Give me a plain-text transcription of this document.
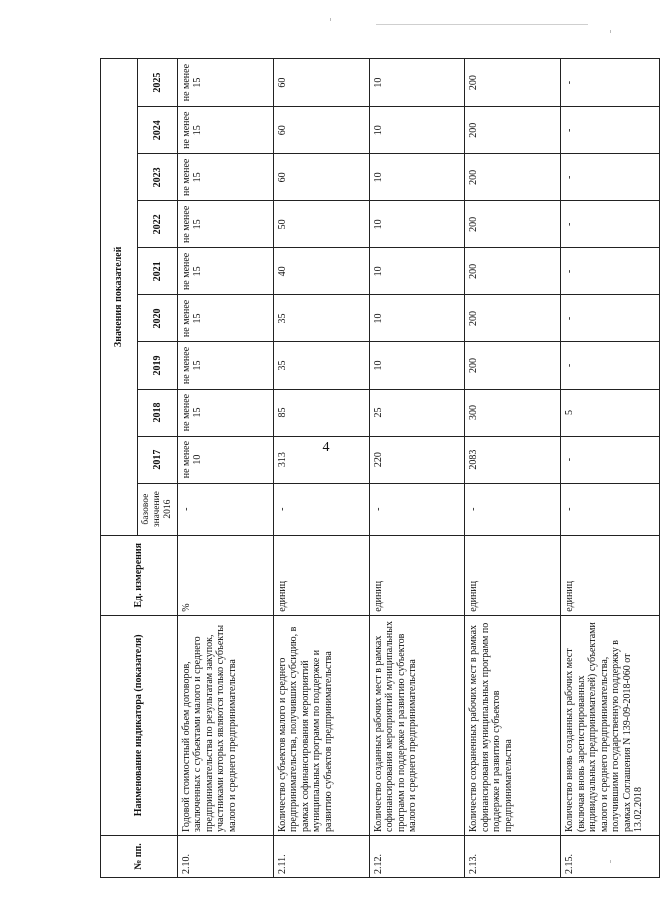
4
№ пп.	Наименование индикатора (показателя)	Ед. измерения	Значения показателей									
			базовое значение 2016	2017	2018	2019	2020	2021	2022	2023	2024	2025
2.10.	Годовой стоимостный объем договоров, заключенных с субъектами малого и среднего предпринимательства по результатам закупок, участниками которых являются только субъекты малого и среднего предпринимательства	%	-	не менее 10	не менее 15	не менее 15	не менее 15	не менее 15	не менее 15	не менее 15	не менее 15	не менее 15
2.11.	Количество субъектов малого и среднего предпринимательства, получивших субсидию, в рамках софинансирования мероприятий муниципальных программ по поддержке и развитию субъектов предпринимательства	единиц	-	313	85	35	35	40	50	60	60	60
2.12.	Количество созданных рабочих мест в рамках софинансирования мероприятий муниципальных программ по поддержке и развитию субъектов малого и среднего предпринимательства	единиц	-	220	25	10	10	10	10	10	10	10
2.13.	Количество сохраненных рабочих мест в рамках софинансирования муниципальных программ по поддержке и развитию субъектов предпринимательства	единиц	-	2083	300	200	200	200	200	200	200	200
2.15.	Количество вновь созданных рабочих мест (включая вновь зарегистрированных индивидуальных предпринимателей) субъектами малого и среднего предпринимательства, получившими государственную поддержку в рамках Соглашения N 139-09-2018-060 от 13.02.2018	единиц	-	-	5	-	-	-	-	-	-	-
